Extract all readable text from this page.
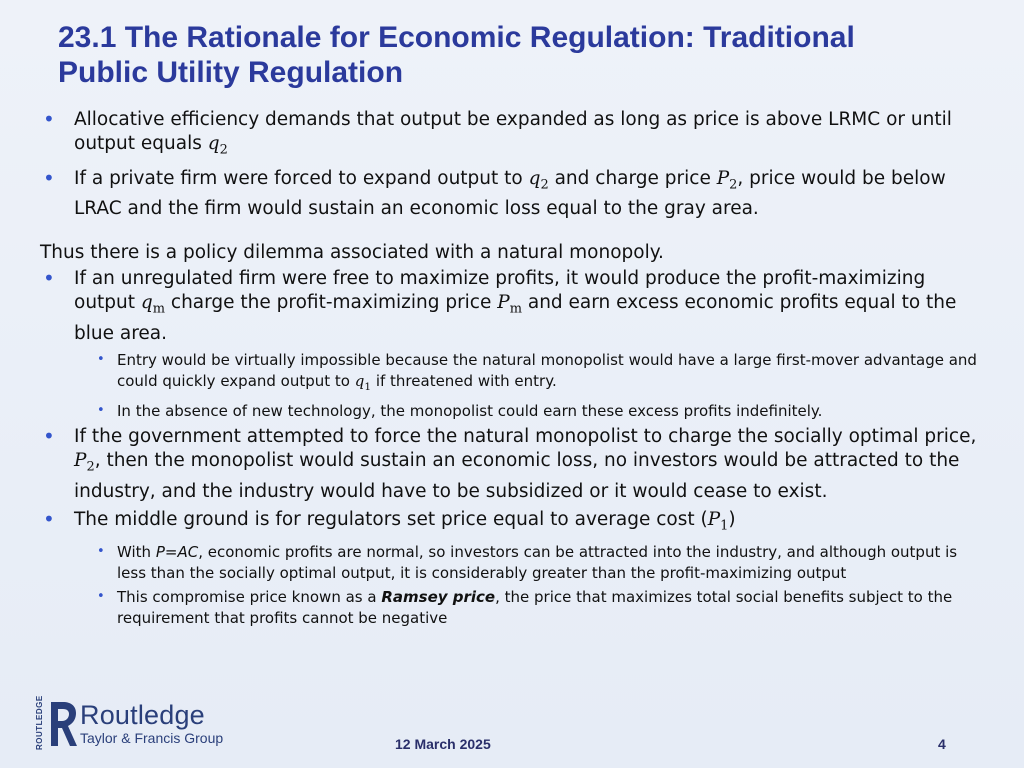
23.1 The Rationale for Economic Regulation: Traditional
Public Utility Regulation
• Allocative efficiency demands that output be expanded as long as price is above LRMC or until output equals $q_2$
• If a private firm were forced to expand output to $q_2$ and charge price $P_2$, price would be below LRAC and the firm would sustain an economic loss equal to the gray area.

Thus there is a policy dilemma associated with a natural monopoly.

• If an unregulated firm were free to maximize profits, it would produce the profit-maximizing output $q_m$ charge the profit-maximizing price $P_m$ and earn excess economic profits equal to the blue area.
• Entry would be virtually impossible because the natural monopolist would have a large first-mover advantage and could quickly expand output to $q_1$ if threatened with entry.
• In the absence of new technology, the monopolist could earn these excess profits indefinitely.
• If the government attempted to force the natural monopolist to charge the socially optimal price, $P_2$, then the monopolist would sustain an economic loss, no investors would be attracted to the industry, and the industry would have to be subsidized or it would cease to exist.
• The middle ground is for regulators set price equal to average cost $(P_1)$
• With P=AC, economic profits are normal, so investors can be attracted into the industry, and although output is less than the socially optimal output, it is considerably greater than the profit-maximizing output
• This compromise price known as a Ramsey price, the price that maximizes total social benefits subject to the requirement that profits cannot be negative
ROUTLEDGE Routledge
Taylor & Francis Group	12 March 2025	4
